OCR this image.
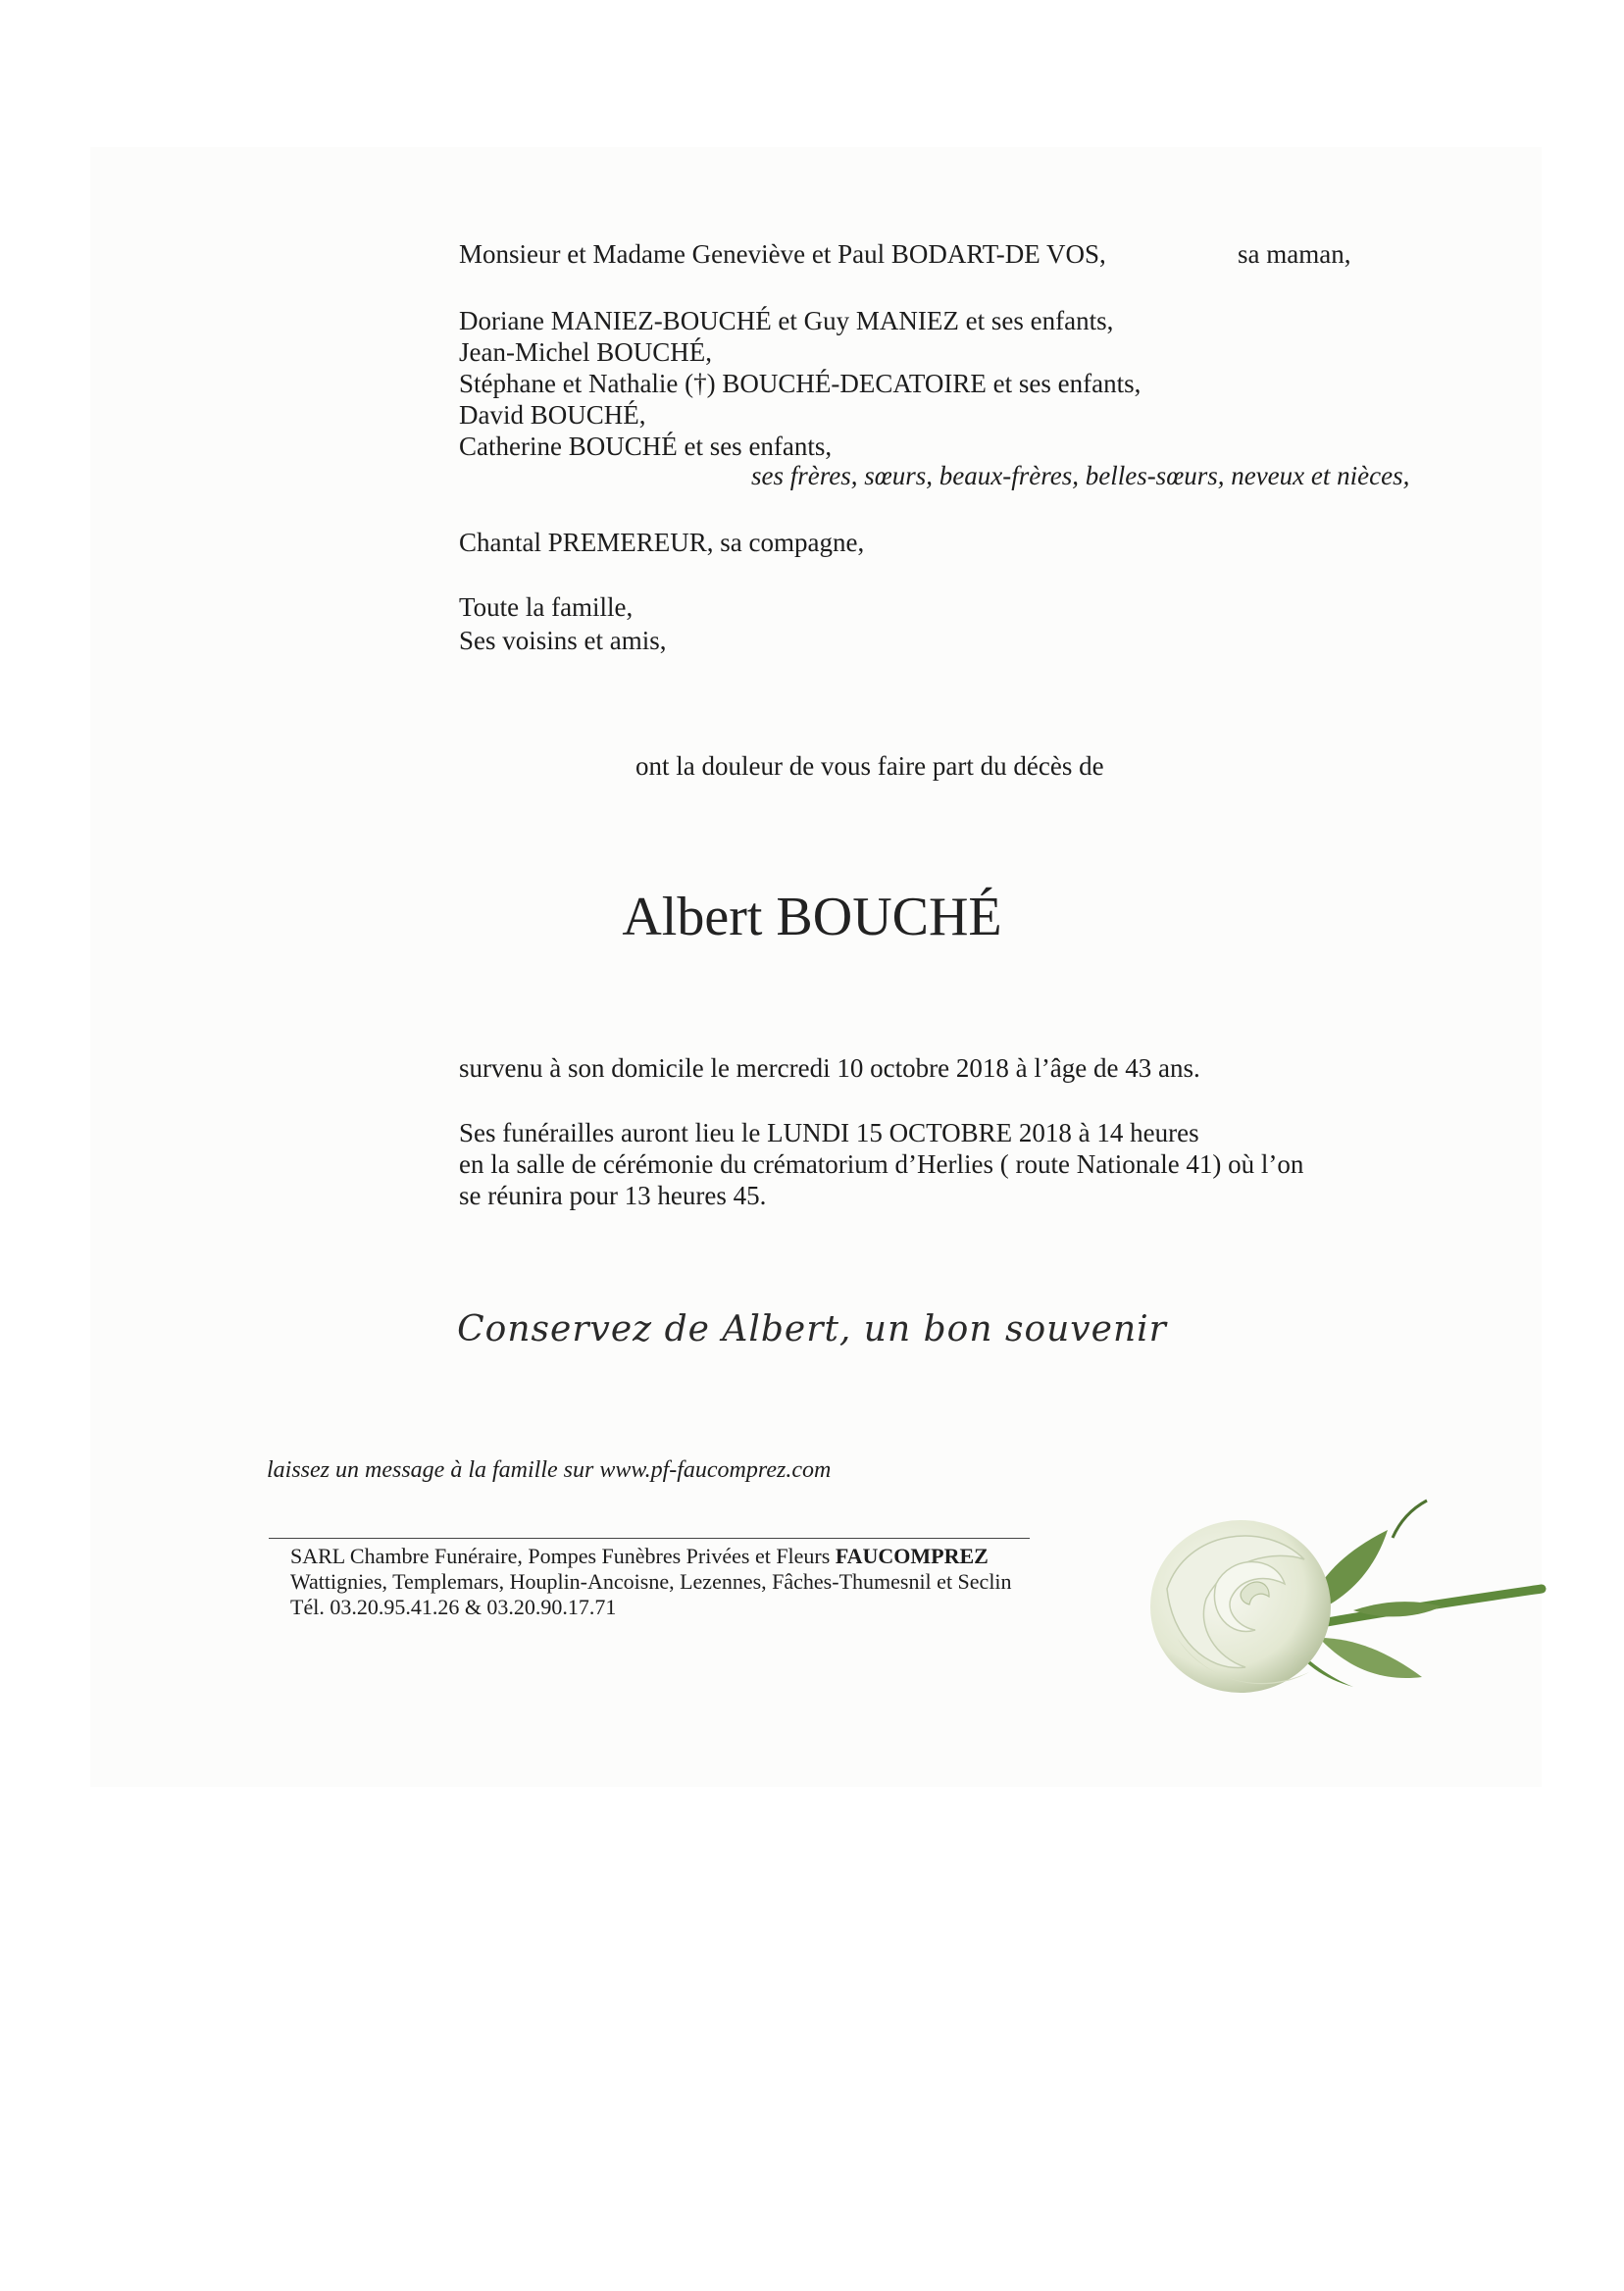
Monsieur et Madame Geneviève et Paul BODART-DE VOS,	sa maman,
Doriane MANIEZ-BOUCHÉ et Guy MANIEZ et ses enfants,
Jean-Michel BOUCHÉ,
Stéphane et Nathalie (†) BOUCHÉ-DECATOIRE et ses enfants,
David BOUCHÉ,
Catherine BOUCHÉ et ses enfants,
ses frères, sœurs, beaux-frères, belles-sœurs, neveux et nièces,
Chantal PREMEREUR, sa compagne,
Toute la famille,
Ses voisins et amis,
ont la douleur de vous faire part du décès de
Albert BOUCHÉ
survenu à son domicile le mercredi 10 octobre 2018 à l’âge de 43 ans.
Ses funérailles auront lieu le LUNDI 15 OCTOBRE 2018 à 14 heures
en la salle de cérémonie du crématorium d’Herlies ( route Nationale 41) où l’on
se réunira pour 13 heures 45.
Conservez de Albert, un bon souvenir
laissez un message à la famille sur www.pf-faucomprez.com
SARL Chambre Funéraire, Pompes Funèbres Privées et Fleurs FAUCOMPREZ
Wattignies, Templemars, Houplin-Ancoisne, Lezennes, Fâches-Thumesnil et Seclin
Tél. 03.20.95.41.26 & 03.20.90.17.71
